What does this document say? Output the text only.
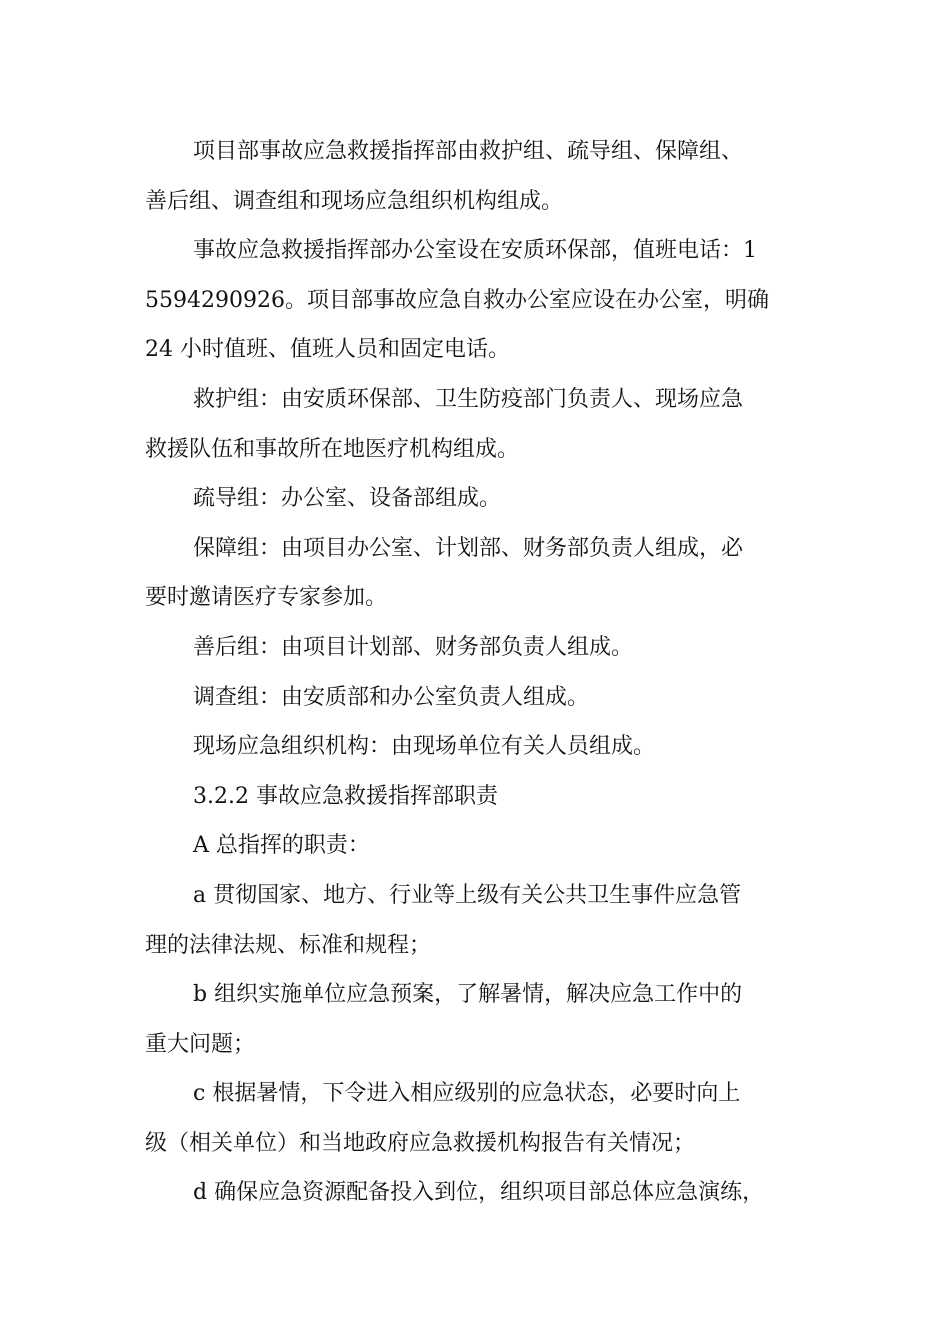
项目部事故应急救援指挥部由救护组、疏导组、保障组、
善后组、调查组和现场应急组织机构组成。

事故应急救援指挥部办公室设在安质环保部，值班电话：1
5594290926。项目部事故应急自救办公室应设在办公室，明确
24 小时值班、值班人员和固定电话。

救护组：由安质环保部、卫生防疫部门负责人、现场应急
救援队伍和事故所在地医疗机构组成。

疏导组：办公室、设备部组成。

保障组：由项目办公室、计划部、财务部负责人组成，必
要时邀请医疗专家参加。

善后组：由项目计划部、财务部负责人组成。

调查组：由安质部和办公室负责人组成。

现场应急组织机构：由现场单位有关人员组成。

3.2.2 事故应急救援指挥部职责

A 总指挥的职责：

a 贯彻国家、地方、行业等上级有关公共卫生事件应急管
理的法律法规、标准和规程；

b 组织实施单位应急预案，了解暑情，解决应急工作中的
重大问题；

c 根据暑情，下令进入相应级别的应急状态，必要时向上
级（相关单位）和当地政府应急救援机构报告有关情况；

d 确保应急资源配备投入到位，组织项目部总体应急演练，
